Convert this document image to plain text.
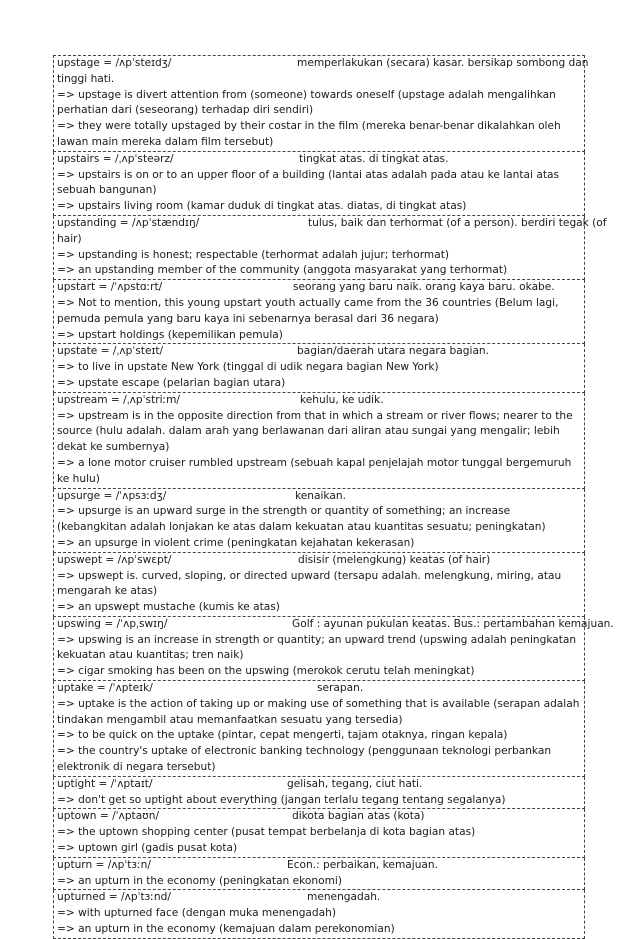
upstage = /ʌpˈsteɪdʒ/	memperlakukan (secara) kasar. bersikap sombong dan

tinggi hati.

=> upstage is divert attention from (someone) towards oneself (upstage adalah mengalihkan perhatian dari (seseorang) terhadap diri sendiri)

=> they were totally upstaged by their costar in the film (mereka benar-benar dikalahkan oleh lawan main mereka dalam film tersebut)

upstairs = /ˌʌpˈsteərz/	tingkat atas. di tingkat atas.

=> upstairs is on or to an upper floor of a building (lantai atas adalah pada atau ke lantai atas sebuah bangunan)

=> upstairs living room (kamar duduk di tingkat atas. diatas, di tingkat atas)

upstanding = /ʌpˈstændɪŋ/	tulus, baik dan terhormat (of a person). berdiri tegak (of

hair)

=> upstanding is honest; respectable (terhormat adalah jujur; terhormat)

=> an upstanding member of the community (anggota masyarakat yang terhormat)

upstart = /ˈʌpstɑːrt/	seorang yang baru naik. orang kaya baru. okabe.

=> Not to mention, this young upstart youth actually came from the 36 countries (Belum lagi, pemuda pemula yang baru kaya ini sebenarnya berasal dari 36 negara)

=> upstart holdings (kepemilikan pemula)

upstate = /ˌʌpˈsteɪt/	bagian/daerah utara negara bagian.

=> to live in upstate New York (tinggal di udik negara bagian New York)

=> upstate escape (pelarian bagian utara)

upstream = /ˌʌpˈstriːm/	kehulu, ke udik.

=> upstream is in the opposite direction from that in which a stream or river flows; nearer to the source (hulu adalah. dalam arah yang berlawanan dari aliran atau sungai yang mengalir; lebih dekat ke sumbernya)

=> a lone motor cruiser rumbled upstream (sebuah kapal penjelajah motor tunggal bergemuruh ke hulu)

upsurge = /ˈʌpsɜːdʒ/	kenaikan.

=> upsurge is an upward surge in the strength or quantity of something; an increase (kebangkitan adalah lonjakan ke atas dalam kekuatan atau kuantitas sesuatu; peningkatan)

=> an upsurge in violent crime (peningkatan kejahatan kekerasan)

upswept = /ʌpˈswɛpt/	disisir (melengkung) keatas (of hair)

=> upswept is. curved, sloping, or directed upward (tersapu adalah. melengkung, miring, atau mengarah ke atas)

=> an upswept mustache (kumis ke atas)

upswing = /ˈʌpˌswɪŋ/	Golf : ayunan pukulan keatas. Bus.: pertambahan kemajuan.

=> upswing is an increase in strength or quantity; an upward trend (upswing adalah peningkatan kekuatan atau kuantitas; tren naik)

=> cigar smoking has been on the upswing (merokok cerutu telah meningkat)

uptake = /ˈʌpteɪk/	serapan.

=> uptake is the action of taking up or making use of something that is available (serapan adalah tindakan mengambil atau memanfaatkan sesuatu yang tersedia)

=> to be quick on the uptake (pintar, cepat mengerti, tajam otaknya, ringan kepala)

=> the country's uptake of electronic banking technology (penggunaan teknologi perbankan elektronik di negara tersebut)

uptight = /ˈʌptaɪt/	gelisah, tegang, ciut hati.

=> don't get so uptight about everything (jangan terlalu tegang tentang segalanya)

uptown = /ˈʌptaʊn/	dikota bagian atas (kota)

=> the uptown shopping center (pusat tempat berbelanja di kota bagian atas)

=> uptown girl (gadis pusat kota)

upturn = /ʌpˈtɜːn/	Econ.: perbaikan, kemajuan.

=> an upturn in the economy (peningkatan ekonomi)

upturned = /ʌpˈtɜːnd/	menengadah.

=> with upturned face (dengan muka menengadah)

=> an upturn in the economy (kemajuan dalam perekonomian)
